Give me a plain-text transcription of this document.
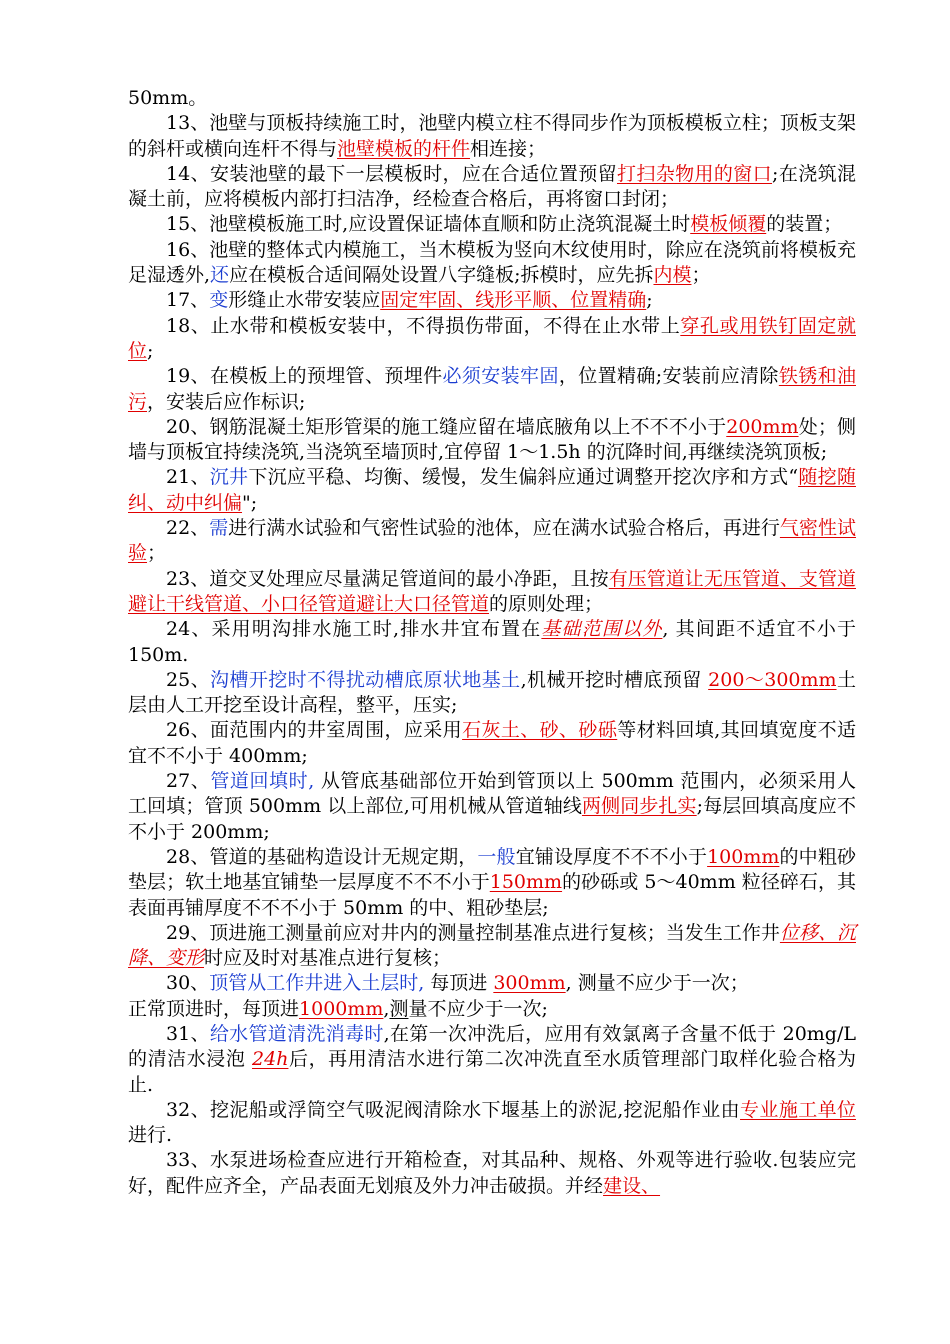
50mm。

13、池壁与顶板持续施工时，池壁内模立柱不得同步作为顶板模板立柱；顶板支架的斜杆或横向连杆不得与池壁模板的杆件相连接；

14、安装池壁的最下一层模板时，应在合适位置预留打扫杂物用的窗口;在浇筑混凝土前，应将模板内部打扫洁净，经检查合格后，再将窗口封闭；

15、池壁模板施工时,应设置保证墙体直顺和防止浇筑混凝土时模板倾覆的装置；

16、池壁的整体式内模施工，当木模板为竖向木纹使用时，除应在浇筑前将模板充足湿透外,还应在模板合适间隔处设置八字缝板;拆模时，应先拆内模；

17、变形缝止水带安装应固定牢固、线形平顺、位置精确;

18、止水带和模板安装中，不得损伤带面，不得在止水带上穿孔或用铁钉固定就位;

19、在模板上的预埋管、预埋件必须安装牢固，位置精确;安装前应清除铁锈和油污，安装后应作标识;

20、钢筋混凝土矩形管渠的施工缝应留在墙底腋角以上不不不小于200mm处；侧墙与顶板宜持续浇筑,当浇筑至墙顶时,宜停留 1～1.5h 的沉降时间,再继续浇筑顶板;

21、沉井下沉应平稳、均衡、缓慢，发生偏斜应通过调整开挖次序和方式“随挖随纠、动中纠偏";

22、需进行满水试验和气密性试验的池体，应在满水试验合格后，再进行气密性试验；

23、道交叉处理应尽量满足管道间的最小净距，且按有压管道让无压管道、支管道避让干线管道、小口径管道避让大口径管道的原则处理；

24、采用明沟排水施工时,排水井宜布置在基础范围以外, 其间距不适宜不小于 150m.

25、沟槽开挖时不得扰动槽底原状地基土,机械开挖时槽底预留 200～300mm土层由人工开挖至设计高程，整平，压实;

26、面范围内的井室周围，应采用石灰土、砂、砂砾等材料回填,其回填宽度不适宜不不小于 400mm;

27、管道回填时, 从管底基础部位开始到管顶以上 500mm 范围内，必须采用人工回填；管顶 500mm 以上部位,可用机械从管道轴线两侧同步扎实;每层回填高度应不不小于 200mm;

28、管道的基础构造设计无规定期，一般宜铺设厚度不不不小于100mm的中粗砂垫层；软土地基宜铺垫一层厚度不不不小于150mm的砂砾或 5～40mm 粒径碎石，其表面再铺厚度不不不小于 50mm 的中、粗砂垫层;

29、顶进施工测量前应对井内的测量控制基准点进行复核；当发生工作井位移、沉降、变形时应及时对基准点进行复核；

30、顶管从工作井进入土层时, 每顶进 300mm, 测量不应少于一次；

正常顶进时，每顶进1000mm,测量不应少于一次;

31、给水管道清洗消毒时,在第一次冲洗后，应用有效氯离子含量不低于 20mg/L 的清洁水浸泡 24h后，再用清洁水进行第二次冲洗直至水质管理部门取样化验合格为止.

32、挖泥船或浮筒空气吸泥阀清除水下堰基上的淤泥,挖泥船作业由专业施工单位进行.

33、水泵进场检查应进行开箱检查，对其品种、规格、外观等进行验收.包装应完好，配件应齐全，产品表面无划痕及外力冲击破损。并经建设、
